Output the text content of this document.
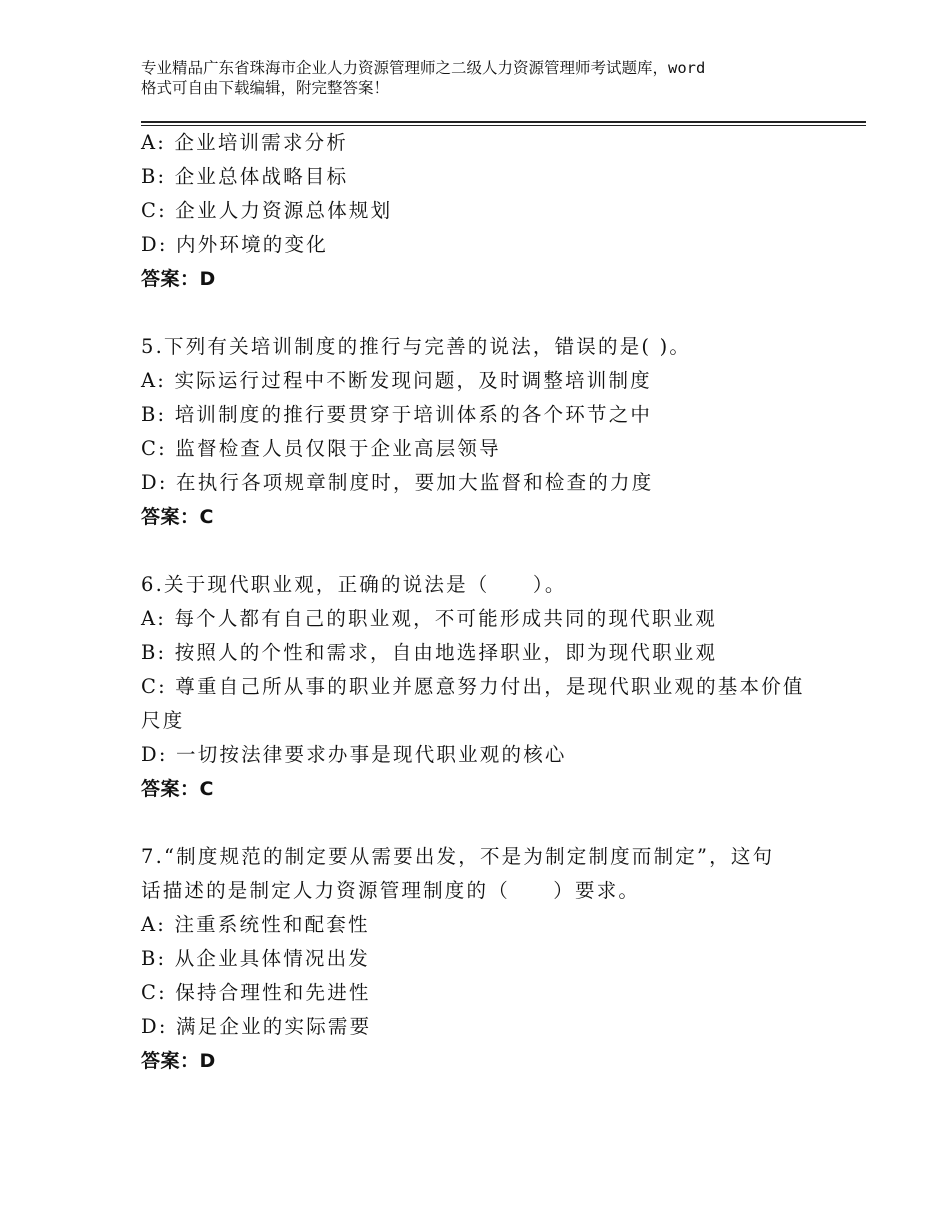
专业精品广东省珠海市企业人力资源管理师之二级人力资源管理师考试题库，word
格式可自由下载编辑，附完整答案！
A: 企业培训需求分析
B: 企业总体战略目标
C: 企业人力资源总体规划
D: 内外环境的变化
答案：D
5.下列有关培训制度的推行与完善的说法，错误的是( )。
A: 实际运行过程中不断发现问题，及时调整培训制度
B: 培训制度的推行要贯穿于培训体系的各个环节之中
C: 监督检查人员仅限于企业高层领导
D: 在执行各项规章制度时，要加大监督和检查的力度
答案：C
6.关于现代职业观，正确的说法是（　　）。
A: 每个人都有自己的职业观，不可能形成共同的现代职业观
B: 按照人的个性和需求，自由地选择职业，即为现代职业观
C: 尊重自己所从事的职业并愿意努力付出，是现代职业观的基本价值
尺度
D: 一切按法律要求办事是现代职业观的核心
答案：C
7.“制度规范的制定要从需要出发，不是为制定制度而制定”，这句
话描述的是制定人力资源管理制度的（　　）要求。
A: 注重系统性和配套性
B: 从企业具体情况出发
C: 保持合理性和先进性
D: 满足企业的实际需要
答案：D
